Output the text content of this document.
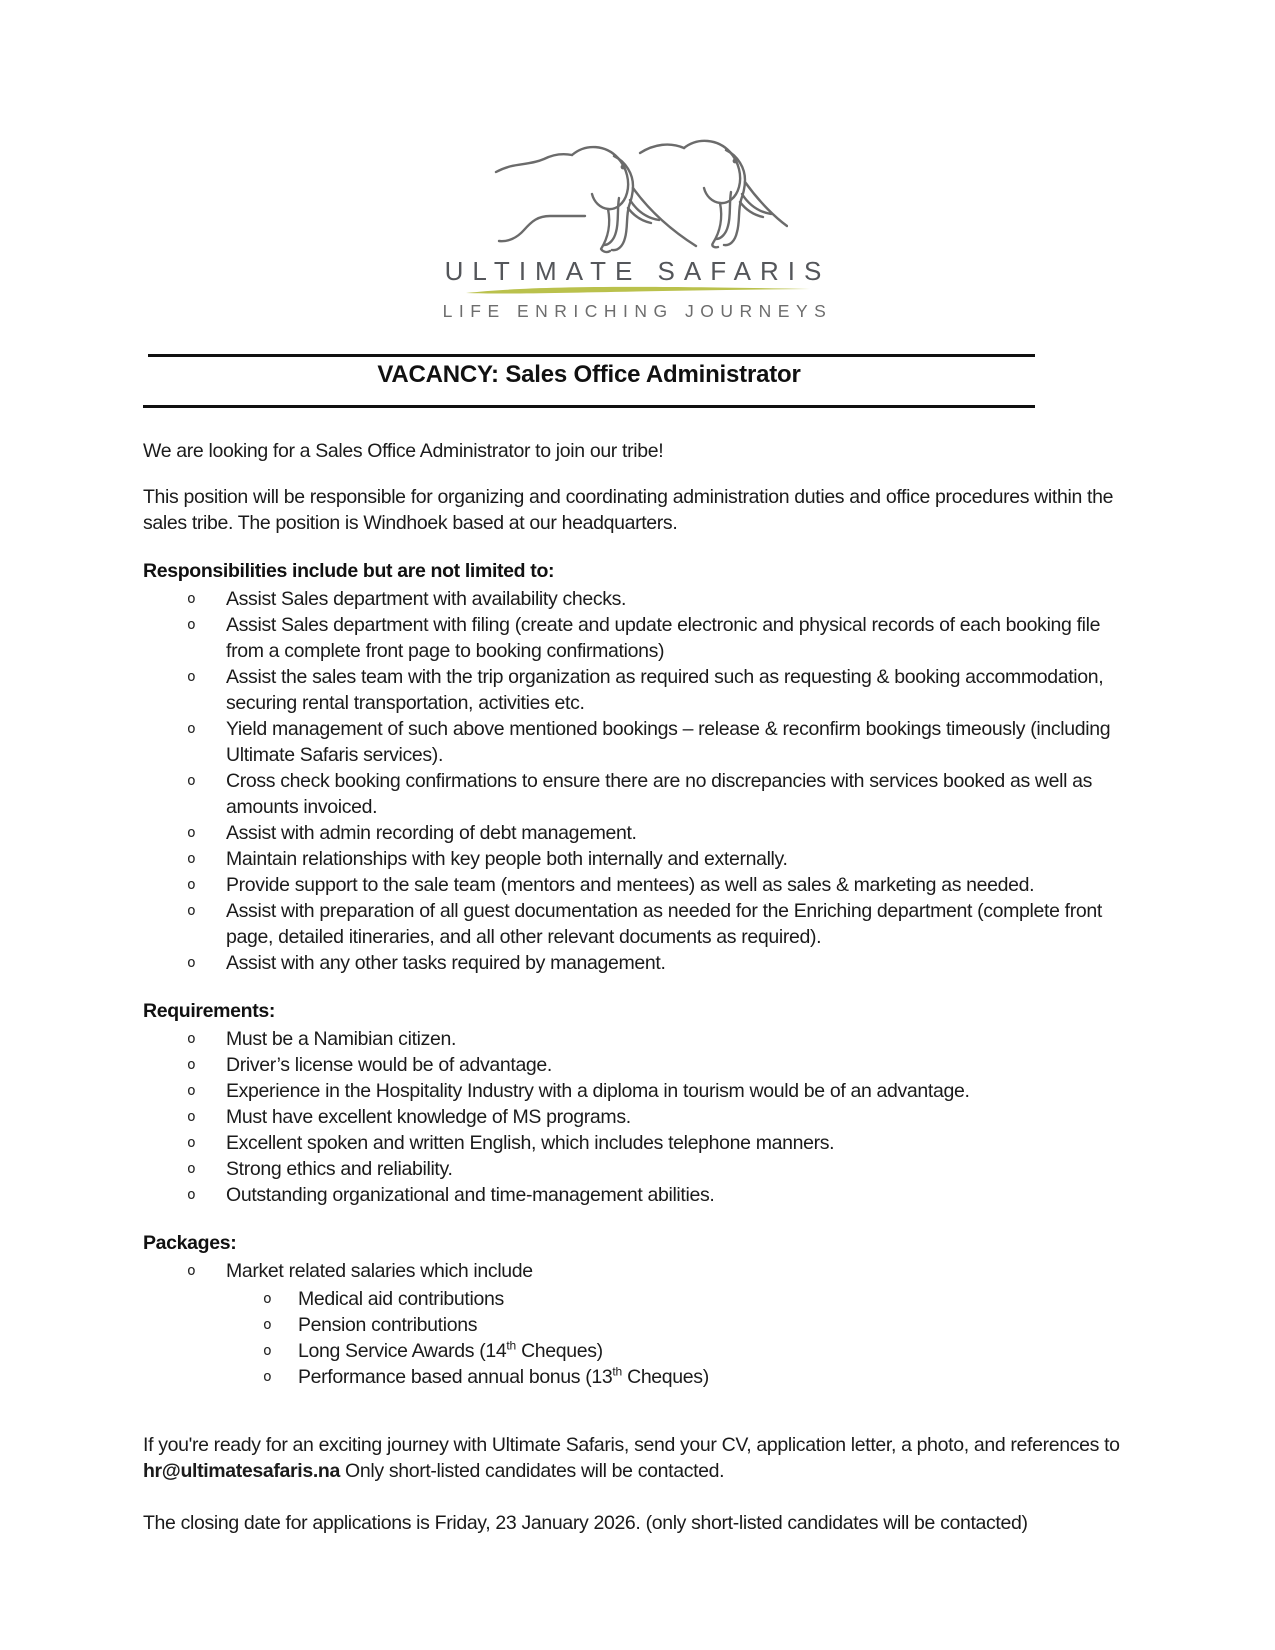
ULTIMATE SAFARIS
LIFE ENRICHING JOURNEYS
VACANCY: Sales Office Administrator

We are looking for a Sales Office Administrator to join our tribe!

This position will be responsible for organizing and coordinating administration duties and office procedures within the sales tribe. The position is Windhoek based at our headquarters.

Responsibilities include but are not limited to:
o Assist Sales department with availability checks.
o Assist Sales department with filing (create and update electronic and physical records of each booking file from a complete front page to booking confirmations)
o Assist the sales team with the trip organization as required such as requesting & booking accommodation, securing rental transportation, activities etc.
o Yield management of such above mentioned bookings – release & reconfirm bookings timeously (including Ultimate Safaris services).
o Cross check booking confirmations to ensure there are no discrepancies with services booked as well as amounts invoiced.
o Assist with admin recording of debt management.
o Maintain relationships with key people both internally and externally.
o Provide support to the sale team (mentors and mentees) as well as sales & marketing as needed.
o Assist with preparation of all guest documentation as needed for the Enriching department (complete front page, detailed itineraries, and all other relevant documents as required).
o Assist with any other tasks required by management.
Requirements:
o Must be a Namibian citizen.
o Driver’s license would be of advantage.
o Experience in the Hospitality Industry with a diploma in tourism would be of an advantage.
o Must have excellent knowledge of MS programs.
o Excellent spoken and written English, which includes telephone manners.
o Strong ethics and reliability.
o Outstanding organizational and time-management abilities.
Packages:
o Market related salaries which include
o Medical aid contributions
o Pension contributions
o Long Service Awards (14th Cheques)
o Performance based annual bonus (13th Cheques)

If you're ready for an exciting journey with Ultimate Safaris, send your CV, application letter, a photo, and references to hr@ultimatesafaris.na Only short-listed candidates will be contacted.

The closing date for applications is Friday, 23 January 2026. (only short-listed candidates will be contacted)
